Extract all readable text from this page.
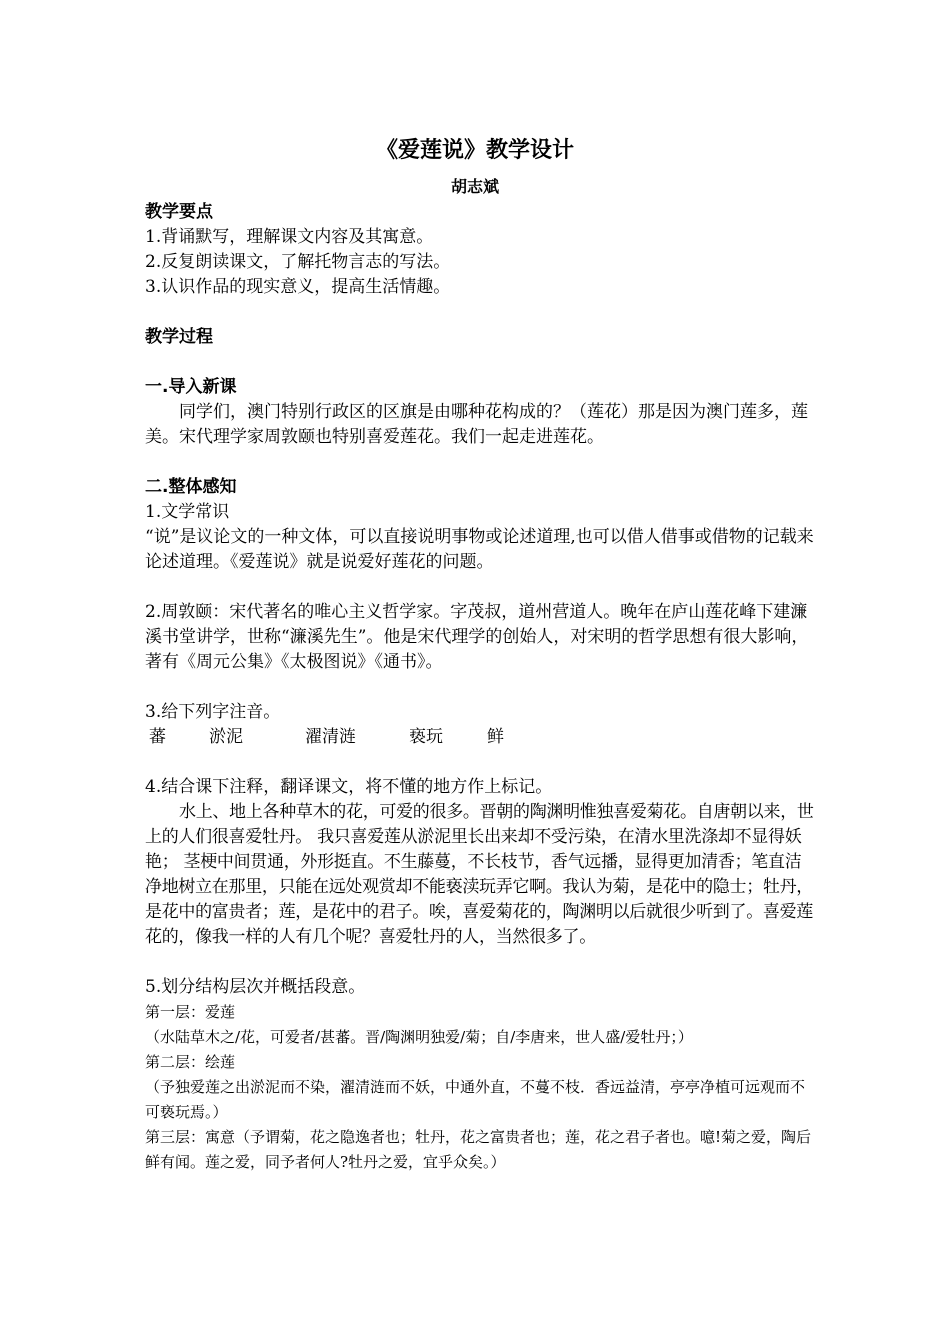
《爱莲说》教学设计
胡志斌

教学要点

1.背诵默写，理解课文内容及其寓意。

2.反复朗读课文，了解托物言志的写法。

3.认识作品的现实意义，提高生活情趣。

教学过程

一.导入新课

同学们，澳门特别行政区的区旗是由哪种花构成的？（莲花）那是因为澳门莲多，莲美。宋代理学家周敦颐也特别喜爱莲花。我们一起走进莲花。

二.整体感知

1.文学常识

“说”是议论文的一种文体，可以直接说明事物或论述道理,也可以借人借事或借物的记载来论述道理。《爱莲说》就是说爱好莲花的问题。

2.周敦颐：宋代著名的唯心主义哲学家。字茂叔，道州营道人。晚年在庐山莲花峰下建濂溪书堂讲学，世称“濂溪先生”。他是宋代理学的创始人，对宋明的哲学思想有很大影响，著有《周元公集》《太极图说》《通书》。

3.给下列字注音。

蕃	淤泥	濯清涟	亵玩	鲜

4.结合课下注释，翻译课文，将不懂的地方作上标记。

水上、地上各种草木的花，可爱的很多。晋朝的陶渊明惟独喜爱菊花。自唐朝以来，世上的人们很喜爱牡丹。 我只喜爱莲从淤泥里长出来却不受污染，在清水里洗涤却不显得妖艳； 茎梗中间贯通，外形挺直。不生藤蔓，不长枝节，香气远播，显得更加清香；笔直洁净地树立在那里，只能在远处观赏却不能亵渎玩弄它啊。我认为菊，是花中的隐士；牡丹，是花中的富贵者；莲，是花中的君子。唉，喜爱菊花的，陶渊明以后就很少听到了。喜爱莲花的，像我一样的人有几个呢？喜爱牡丹的人，当然很多了。

5.划分结构层次并概括段意。

第一层：爱莲

（水陆草木之/花，可爱者/甚蕃。晋/陶渊明独爱/菊；自/李唐来，世人盛/爱牡丹；）

第二层：绘莲

（予独爱莲之出淤泥而不染，濯清涟而不妖，中通外直，不蔓不枝．香远益清，亭亭净植可远观而不可亵玩焉。）

第三层：寓意（予谓菊，花之隐逸者也；牡丹，花之富贵者也；莲，花之君子者也。噫!菊之爱，陶后鲜有闻。莲之爱，同予者何人?牡丹之爱，宜乎众矣。）
